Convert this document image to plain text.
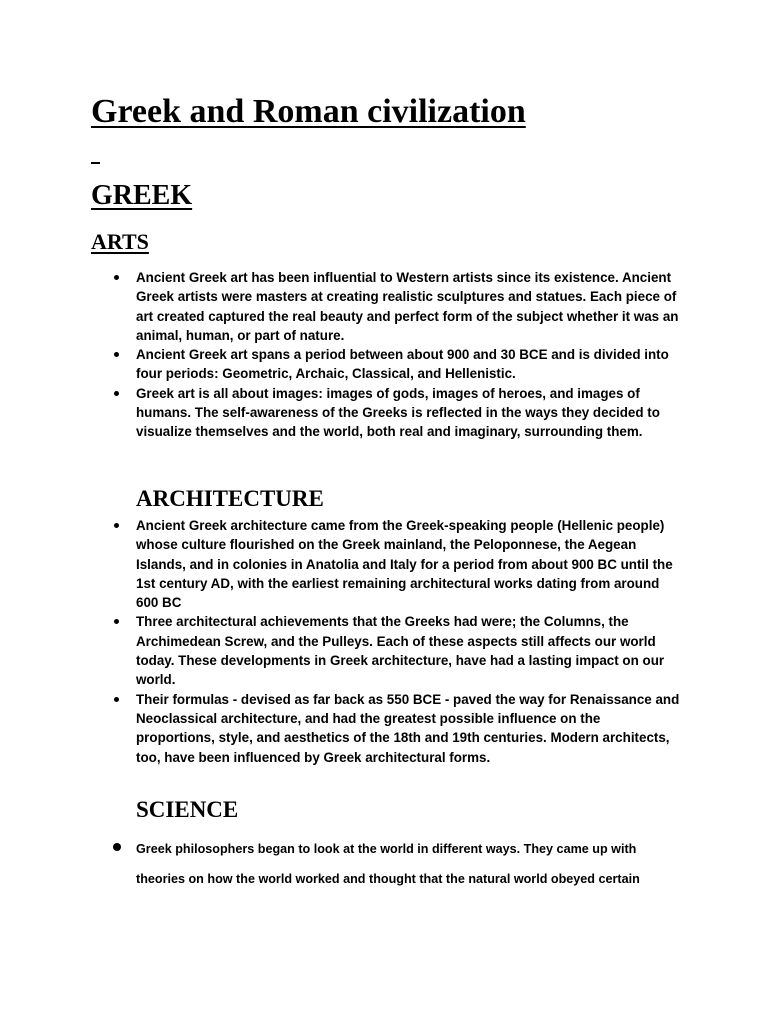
Greek and Roman civilization
GREEK
ARTS
Ancient Greek art has been influential to Western artists since its existence. Ancient Greek artists were masters at creating realistic sculptures and statues. Each piece of art created captured the real beauty and perfect form of the subject whether it was an animal, human, or part of nature.
Ancient Greek art spans a period between about 900 and 30 BCE and is divided into four periods: Geometric, Archaic, Classical, and Hellenistic.
Greek art is all about images: images of gods, images of heroes, and images of humans. The self-awareness of the Greeks is reflected in the ways they decided to visualize themselves and the world, both real and imaginary, surrounding them.
ARCHITECTURE
Ancient Greek architecture came from the Greek-speaking people (Hellenic people) whose culture flourished on the Greek mainland, the Peloponnese, the Aegean Islands, and in colonies in Anatolia and Italy for a period from about 900 BC until the 1st century AD, with the earliest remaining architectural works dating from around 600 BC
Three architectural achievements that the Greeks had were; the Columns, the Archimedean Screw, and the Pulleys. Each of these aspects still affects our world today. These developments in Greek architecture, have had a lasting impact on our world.
Their formulas - devised as far back as 550 BCE - paved the way for Renaissance and Neoclassical architecture, and had the greatest possible influence on the proportions, style, and aesthetics of the 18th and 19th centuries. Modern architects, too, have been influenced by Greek architectural forms.
SCIENCE
Greek philosophers began to look at the world in different ways. They came up with theories on how the world worked and thought that the natural world obeyed certain
